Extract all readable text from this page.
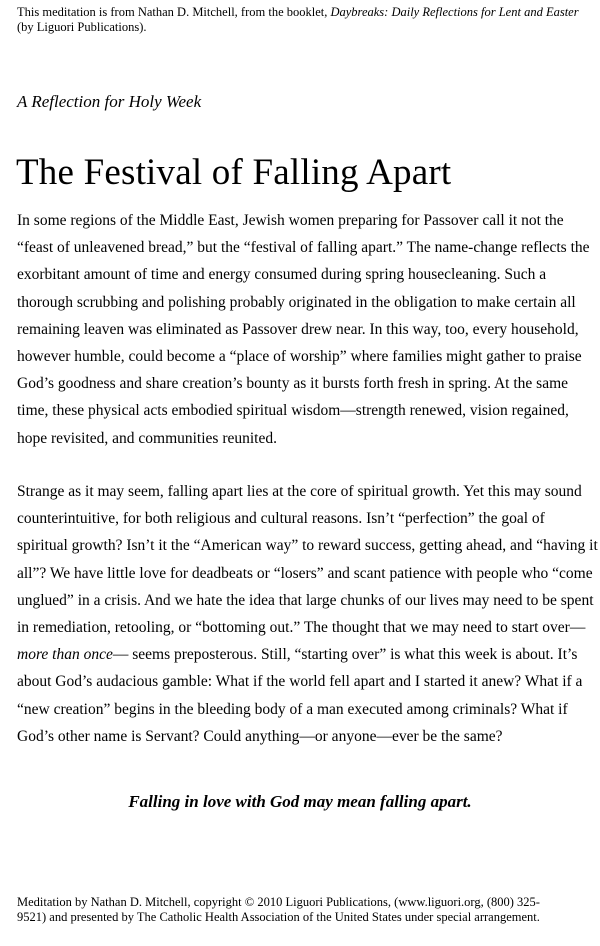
This meditation is from Nathan D. Mitchell, from the booklet, Daybreaks: Daily Reflections for Lent and Easter (by Liguori Publications).

A Reflection for Holy Week
The Festival of Falling Apart
In some regions of the Middle East, Jewish women preparing for Passover call it not the
“feast of unleavened bread,” but the “festival of falling apart.” The name-change reflects the
exorbitant amount of time and energy consumed during spring housecleaning. Such a
thorough scrubbing and polishing probably originated in the obligation to make certain all
remaining leaven was eliminated as Passover drew near. In this way, too, every household,
however humble, could become a “place of worship” where families might gather to praise
God’s goodness and share creation’s bounty as it bursts forth fresh in spring. At the same
time, these physical acts embodied spiritual wisdom—strength renewed, vision regained,
hope revisited, and communities reunited.
Strange as it may seem, falling apart lies at the core of spiritual growth. Yet this may sound
counterintuitive, for both religious and cultural reasons. Isn’t “perfection” the goal of
spiritual growth? Isn’t it the “American way” to reward success, getting ahead, and “having it
all”? We have little love for deadbeats or “losers” and scant patience with people who “come
unglued” in a crisis. And we hate the idea that large chunks of our lives may need to be spent
in remediation, retooling, or “bottoming out.” The thought that we may need to start over—
more than once— seems preposterous. Still, “starting over” is what this week is about. It’s
about God’s audacious gamble: What if the world fell apart and I started it anew? What if a
“new creation” begins in the bleeding body of a man executed among criminals? What if
God’s other name is Servant? Could anything—or anyone—ever be the same?

Falling in love with God may mean falling apart.

Meditation by Nathan D. Mitchell, copyright © 2010 Liguori Publications, (www.liguori.org, (800) 325-
9521) and presented by The Catholic Health Association of the United States under special arrangement.
